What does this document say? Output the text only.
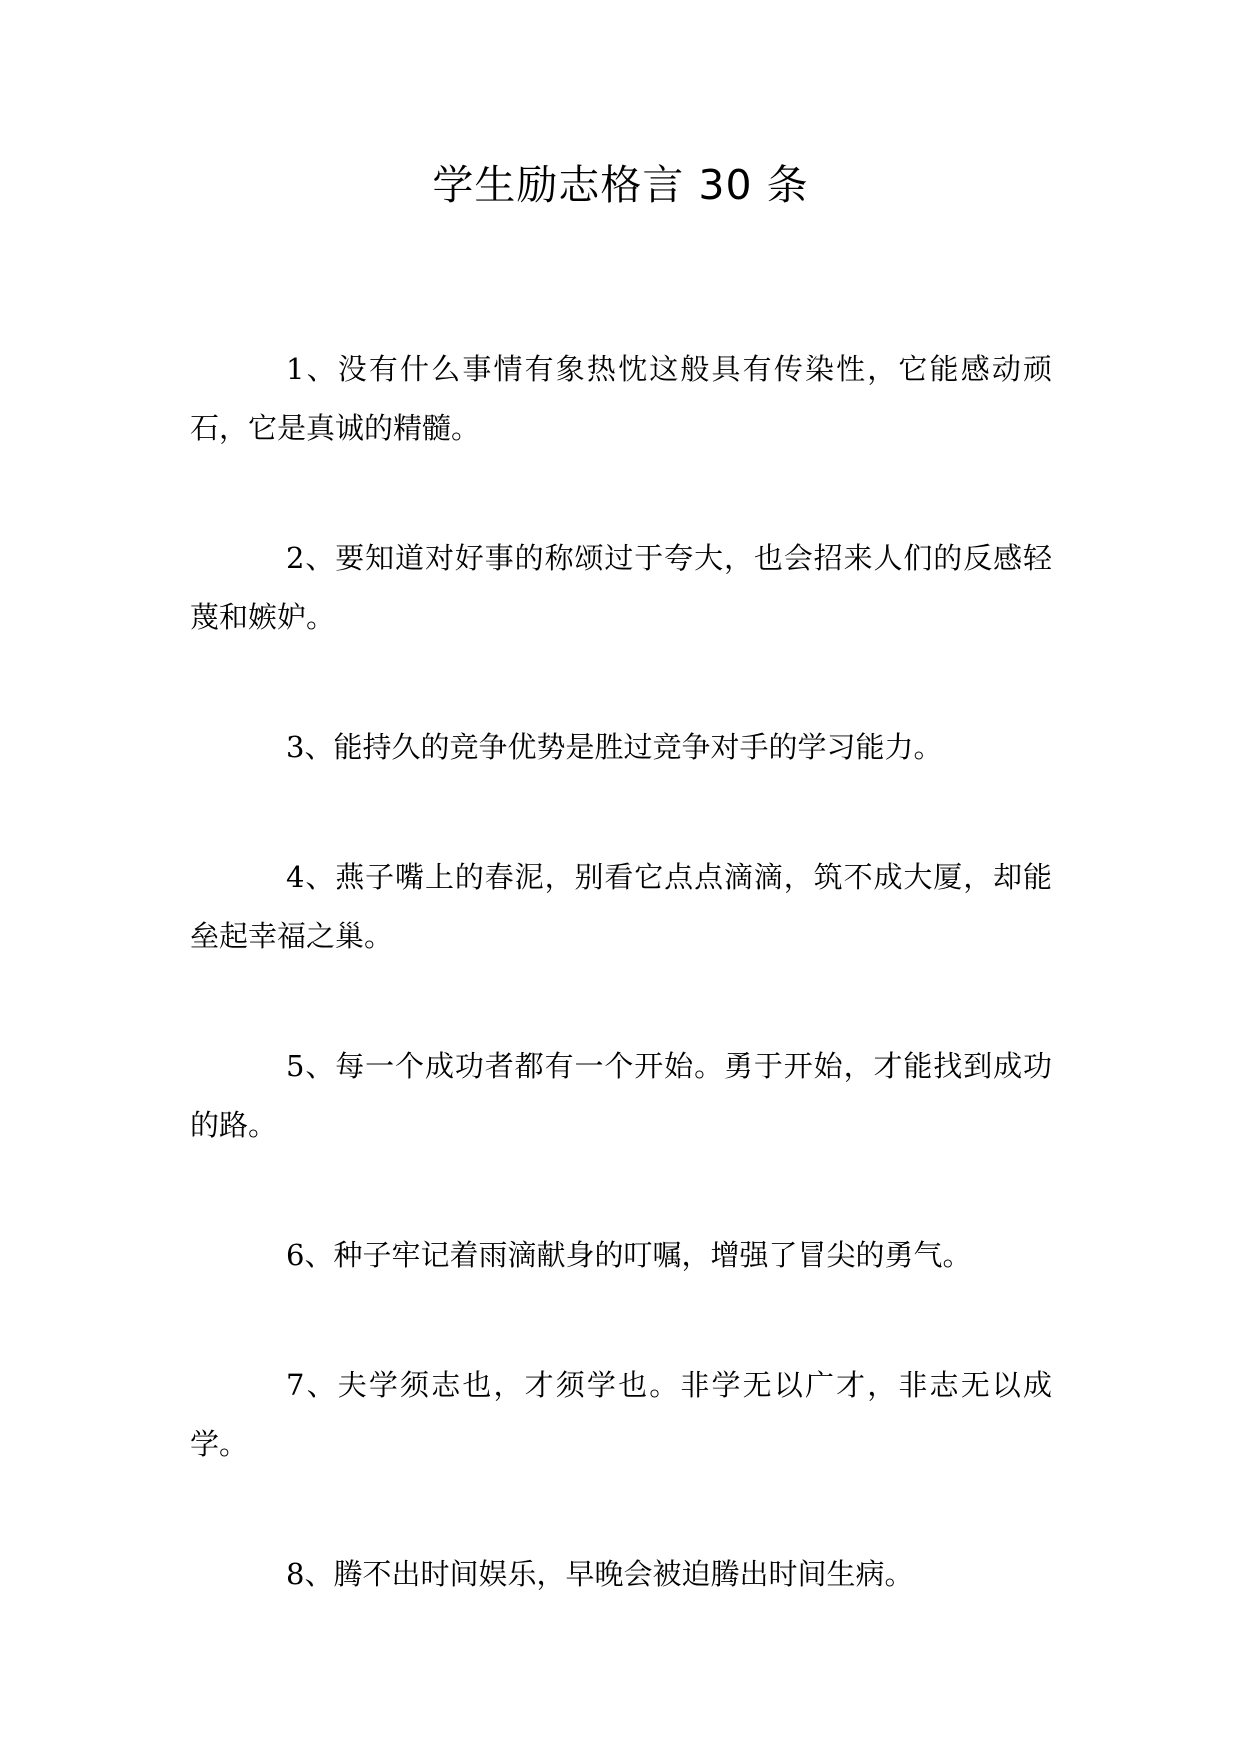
学生励志格言 30 条
1、没有什么事情有象热忱这般具有传染性，它能感动顽石，它是真诚的精髓。
2、要知道对好事的称颂过于夸大，也会招来人们的反感轻蔑和嫉妒。
3、能持久的竞争优势是胜过竞争对手的学习能力。
4、燕子嘴上的春泥，别看它点点滴滴，筑不成大厦，却能垒起幸福之巢。
5、每一个成功者都有一个开始。勇于开始，才能找到成功的路。
6、种子牢记着雨滴献身的叮嘱，增强了冒尖的勇气。
7、夫学须志也，才须学也。非学无以广才，非志无以成学。
8、腾不出时间娱乐，早晚会被迫腾出时间生病。
